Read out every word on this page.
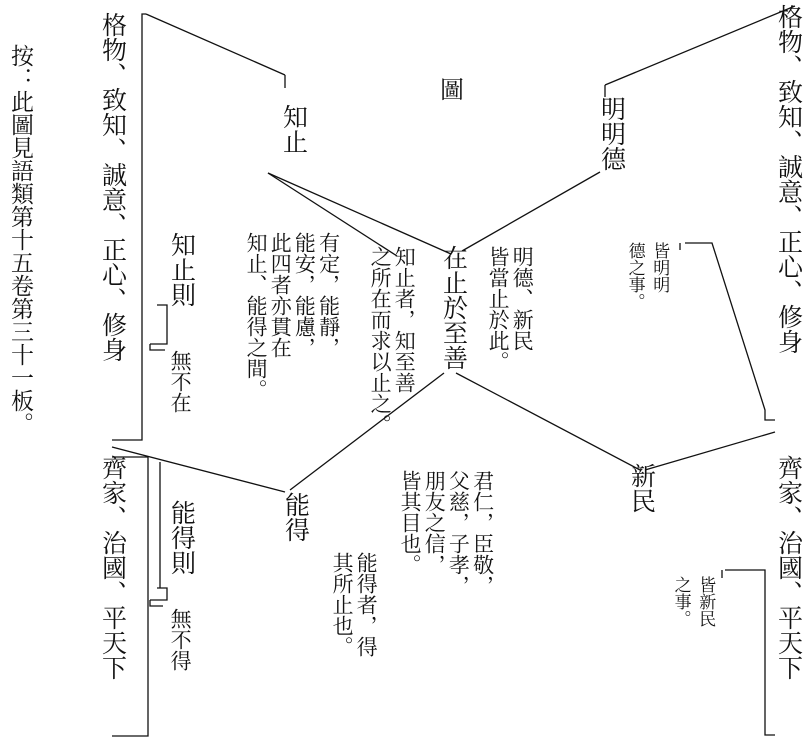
圖
按：此圖見語類第十五卷第三十一板。	格物、致知、誠意、正心、修身
齊家、治國、平天下
格物、致知、誠意、正心、修身
齊家、治國、平天下
知止	明明德
在止於至善
能得
新民
知止則
能得則
無不在
無不得
有定，能靜，
能安，能慮，
此四者亦貫在
知止、能得之間。	知止者，知至善
之所在而求以止之。	明德、新民
皆當止於此。	皆明明
德之事。
君仁，臣敬，
父慈，子孝，
朋友之信，
皆其目也。
能得者，得
其所止也。	皆新民
之事。
